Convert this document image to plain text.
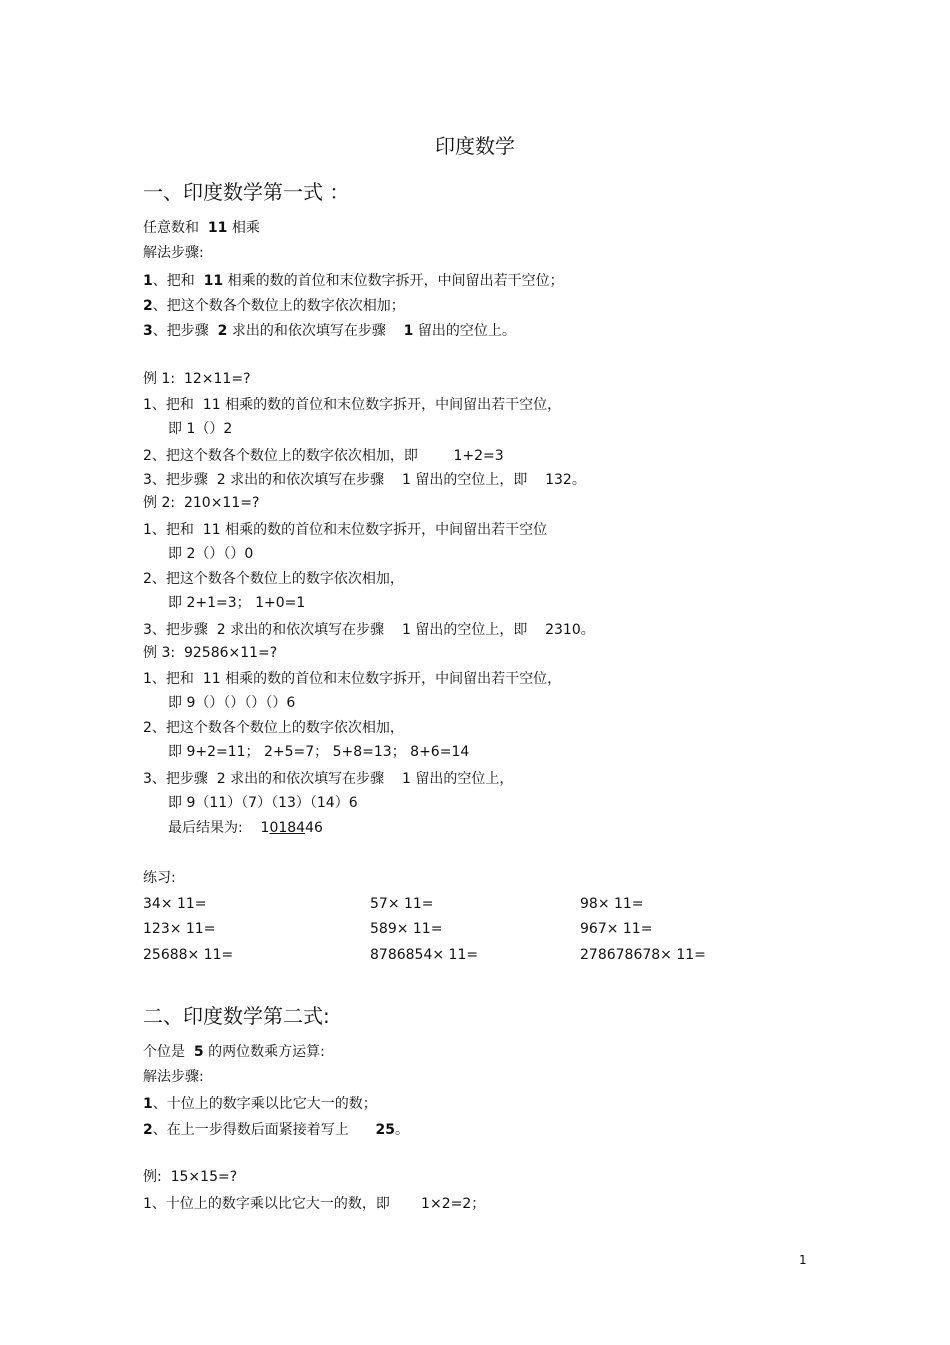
印度数学
一、印度数学第一式 ：
任意数和  11 相乘
解法步骤:
1、把和  11 相乘的数的首位和末位数字拆开，中间留出若干空位；
2、把这个数各个数位上的数字依次相加；
3、把步骤  2 求出的和依次填写在步骤    1 留出的空位上。
例 1:  12×11=?
1、把和  11 相乘的数的首位和末位数字拆开，中间留出若干空位，
即 1（）2
2、把这个数各个数位上的数字依次相加，即        1+2=3
3、把步骤  2 求出的和依次填写在步骤    1 留出的空位上，即    132。
例 2:  210×11=?
1、把和  11 相乘的数的首位和末位数字拆开，中间留出若干空位
即 2（）（）0
2、把这个数各个数位上的数字依次相加，
即 2+1=3； 1+0=1
3、把步骤  2 求出的和依次填写在步骤    1 留出的空位上，即    2310。
例 3:  92586×11=?
1、把和  11 相乘的数的首位和末位数字拆开，中间留出若干空位，
即 9（）（）（）（）6
2、把这个数各个数位上的数字依次相加，
即 9+2=11； 2+5=7； 5+8=13； 8+6=14
3、把步骤  2 求出的和依次填写在步骤    1 留出的空位上，
即 9（11）（7）（13）（14）6
最后结果为:    1018446
练习:
34× 11=	57× 11=	98× 11=
123× 11=	589× 11=	967× 11=
25688× 11=	8786854× 11=	278678678× 11=
二、印度数学第二式:
个位是  5 的两位数乘方运算:
解法步骤:
1、十位上的数字乘以比它大一的数；
2、在上一步得数后面紧接着写上      25。
例:  15×15=?
1、十位上的数字乘以比它大一的数，即       1×2=2；
1
